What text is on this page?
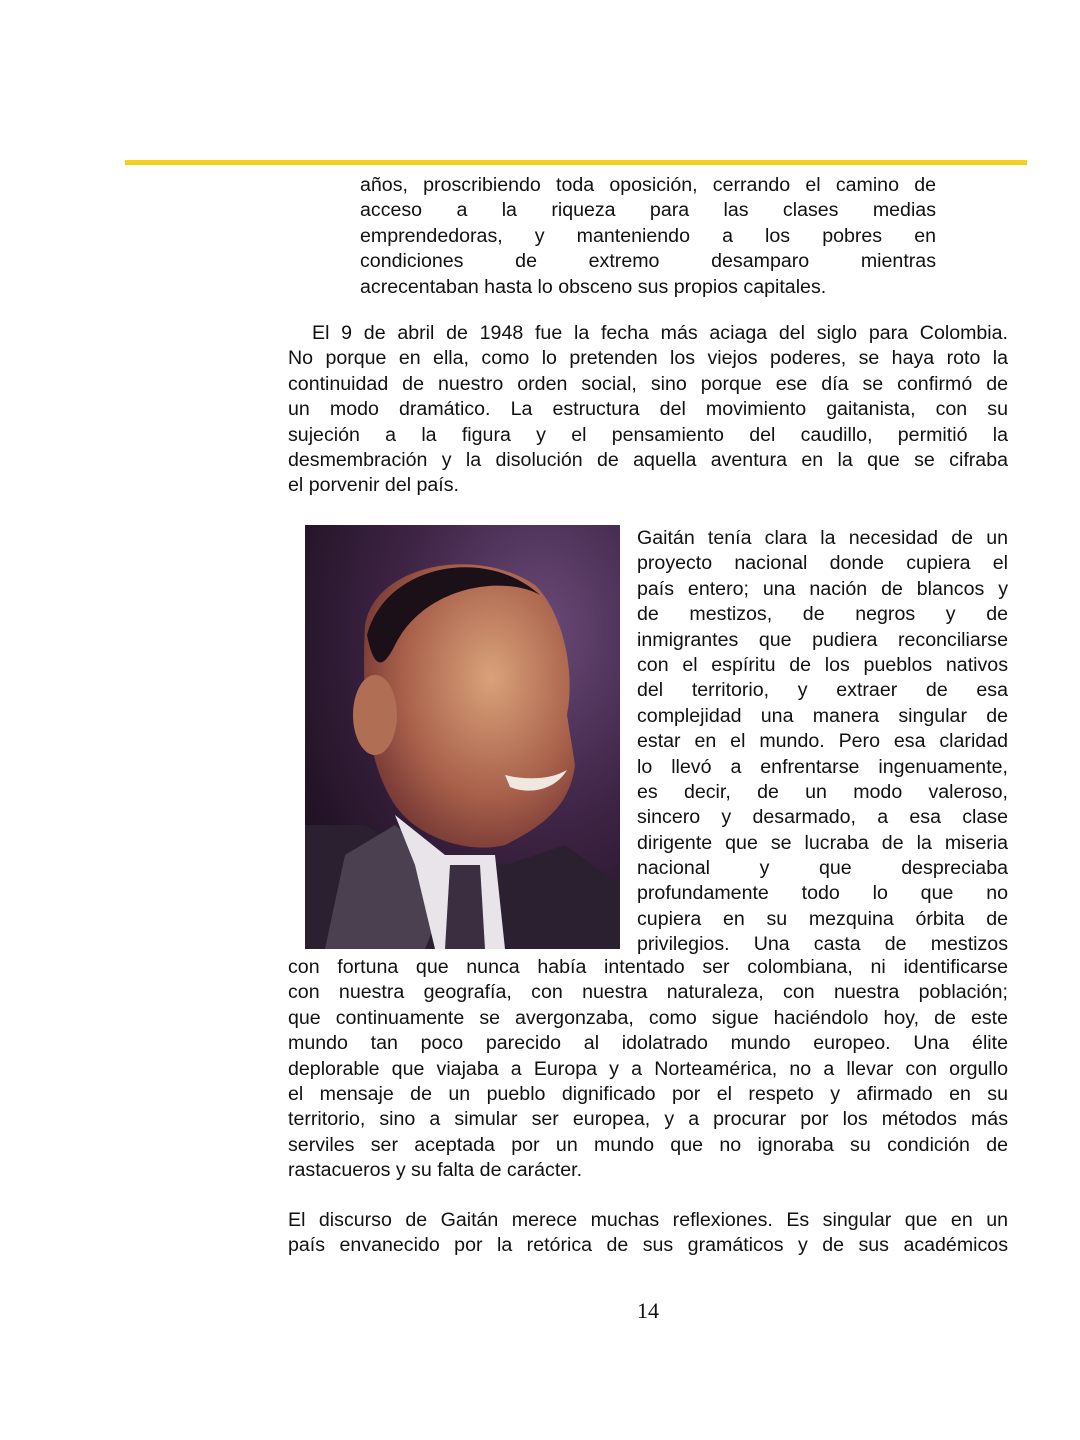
años, proscribiendo toda oposición, cerrando el camino de
acceso a la riqueza para las clases medias
emprendedoras, y manteniendo a los pobres en
condiciones de extremo desamparo mientras
acrecentaban hasta lo obsceno sus propios capitales.
El 9 de abril de 1948 fue la fecha más aciaga del siglo para Colombia.
No porque en ella, como lo pretenden los viejos poderes, se haya roto la
continuidad de nuestro orden social, sino porque ese día se confirmó de
un modo dramático. La estructura del movimiento gaitanista, con su
sujeción a la figura y el pensamiento del caudillo, permitió la
desmembración y la disolución de aquella aventura en la que se cifraba
el porvenir del país.
Gaitán tenía clara la necesidad de un
proyecto nacional donde cupiera el
país entero; una nación de blancos y
de mestizos, de negros y de
inmigrantes que pudiera reconciliarse
con el espíritu de los pueblos nativos
del territorio, y extraer de esa
complejidad una manera singular de
estar en el mundo. Pero esa claridad
lo llevó a enfrentarse ingenuamente,
es decir, de un modo valeroso,
sincero y desarmado, a esa clase
dirigente que se lucraba de la miseria
nacional y que despreciaba
profundamente todo lo que no
cupiera en su mezquina órbita de
privilegios. Una casta de mestizos
con fortuna que nunca había intentado ser colombiana, ni identificarse
con nuestra geografía, con nuestra naturaleza, con nuestra población;
que continuamente se avergonzaba, como sigue haciéndolo hoy, de este
mundo tan poco parecido al idolatrado mundo europeo. Una élite
deplorable que viajaba a Europa y a Norteamérica, no a llevar con orgullo
el mensaje de un pueblo dignificado por el respeto y afirmado en su
territorio, sino a simular ser europea, y a procurar por los métodos más
serviles ser aceptada por un mundo que no ignoraba su condición de
rastacueros y su falta de carácter.
El discurso de Gaitán merece muchas reflexiones. Es singular que en un
país envanecido por la retórica de sus gramáticos y de sus académicos
14
